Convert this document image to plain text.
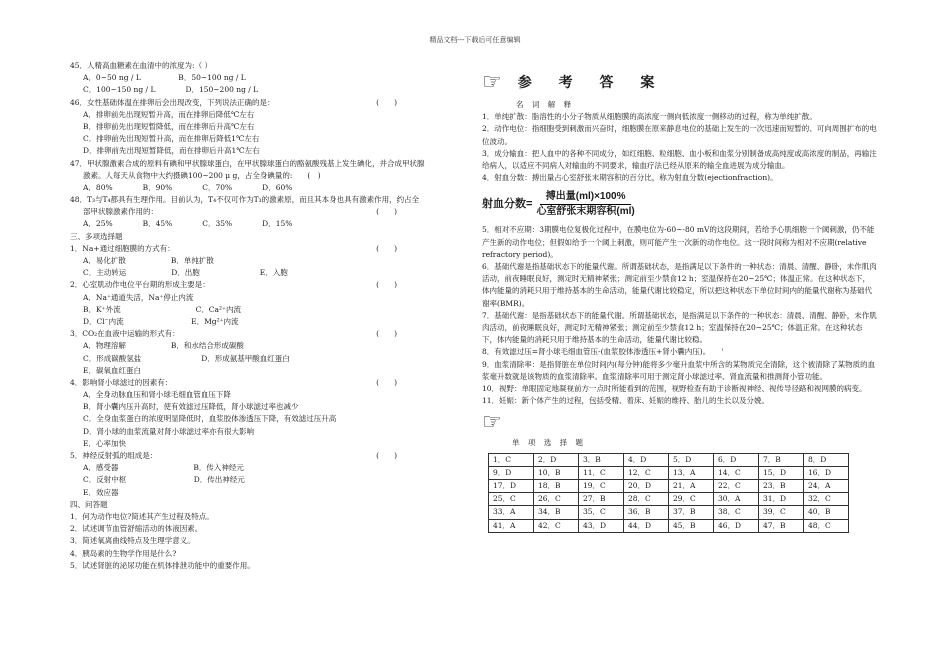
精品文档---下载后可任意编辑
45．人精高血糖素在血清中的浓度为:（ ）
A．0~50 ng / L　　　　　B．50~100 ng / L
C．100~150 ng / L　　　　D．150~200 ng / L
46．女性基础体温在排卵后会出现改变，下列说法正确的是：	(　　)
A．排卵前先出现短暂升高，而在排卵后降低℃左右
B．排卵前先出现短暂降低，而在排卵后升高℃左右
C．排卵前先出现短暂升高，而在排卵后降低1℃左右
D．排卵前先出现短暂降低，而在排卵后升高1℃左右
47．甲状腺激素合成的原料有碘和甲状腺球蛋白，在甲状腺球蛋白的酪氨酸残基上发生碘化，并合成甲状腺
激素。人每天从食物中大约摄碘100~200 μ g，占全身碘量的:　　(　)
A．80%　　　　B．90%　　　　C．70%　　　　D．60%
48．T₃与T₄都具有生理作用。目前认为，T₄不仅可作为T₃的激素原，而且其本身也具有激素作用，约占全
部甲状腺激素作用的：	(　　)
A．25%　　　　B．45%　　　　C．35%　　　　D．15%
三、多项选择题
1．Na+通过细胞膜的方式有：	(　　)
A．易化扩散　　　　　　B．单纯扩散
C．主动转运　　　　　　D．出胞　　　　　　　　E．入胞
2．心室肌动作电位平台期的形成主要是：	(　　)
A．Na⁺通道失活，Na⁺停止内流
B．K⁺外流　　　　　　　　　　C．Ca²⁺内流
D．Cl⁻内流　　　　　　　　　E．Mg²⁺内流
3．CO₂在血液中运输的形式有：	(　　)
A．物理溶解　　　　　　B．和水结合形成碳酸
C．形成碳酸氢盐　　　　　　　　D．形成氨基甲酸血红蛋白
E．碳氧血红蛋白
4．影响肾小球滤过的因素有：	(　　)
A．全身动脉血压和肾小球毛细血管血压下降
B．肾小囊内压升高时，使有效滤过压降低，肾小球滤过率也减少
C．全身血浆蛋白的浓度明显降低时，血浆胶体渗透压下降，有效滤过压升高
D．肾小球的血浆流量对肾小球滤过率亦有很大影响
E．心率加快
5．神经反射弧的组成是：	(　　)
A．感受器　　　　　　　　　　B．传入神经元
C．反射中枢　　　　　　　　　D．传出神经元
E．效应器
四、问答题
1．何为动作电位?简述其产生过程及特点。
2．试述调节血管舒缩活动的体液因素。
3．简述氧离曲线特点及生理学意义。
4．胰岛素的生物学作用是什么?
5．试述肾脏的泌尿功能在机体排泄功能中的重要作用。
☞ 参 考 答 案
名 词 解 释

1．单纯扩散：脂溶性的小分子物质从细胞膜的高浓度一侧向低浓度一侧移动的过程，称为单纯扩散。

2．动作电位：指细胞受到刺激而兴奋时，细胞膜在原来静息电位的基础上发生的一次迅速而短暂的、可向周围扩布的电位波动。

3．成分输血：把人血中的各种不同成分，如红细胞、粒细胞、血小板和血浆分别制备成高纯度或高浓度的制品，再输注给病人，以适应不同病人对输血的不同要求，输血疗法已经从原来的输全血进展为成分输血。

4．射血分数：搏出量占心室舒张末期容积的百分比，称为射血分数(ejectionfraction)。

射血分数= $\frac{\text{搏出量(ml)×100\%}}{\text{心室舒张末期容积(ml)}}$

5．相对不应期：3期膜电位复极化过程中，在膜电位为-60~-80 mV的这段期间，若给予心肌细胞一个阈刺激，仍不能产生新的动作电位；但假如给予一个阈上刺激，则可能产生一次新的动作电位。这一段时间称为相对不应期(relative refractory period)。

6．基础代谢是指基础状态下的能量代谢。所谓基础状态，是指满足以下条件的一种状态：清晨、清醒、静卧，未作肌肉活动，前夜睡眠良好，测定时无精神紧张；测定前至少禁食12 h；室温保持在20~25℃；体温正常。在这种状态下，体内能量的消耗只用于维持基本的生命活动，能量代谢比较稳定，所以把这种状态下单位时间内的能量代谢称为基础代谢率(BMR)。

7．基础代谢：是指基础状态下的能量代谢。所谓基础状态，是指满足以下条件的一种状态：清晨、清醒、静卧，未作肌肉活动，前夜睡眠良好，测定时无精神紧张；测定前至少禁食12 h；室温保持在20~25℃；体温正常。在这种状态下，体内能量的消耗只用于维持基本的生命活动，能量代谢比较稳。

8．有效滤过压=肾小球毛细血管压-(血浆胶体渗透压+肾小囊内压)。　　'

9．血浆清除率：是指肾脏在单位时间内(每分钟)能将多少毫升血浆中所含的某物质完全清除，这个被清除了某物质的血浆毫升数就是该物质的血浆清除率。血浆清除率可用于测定肾小球滤过率、肾血流量和推测肾小管功能。

10．视野：单眼固定地凝视前方一点时所能看到的范围，视野检查有助于诊断视神经、视传导径路和视网膜的病变。

11．妊娠：新个体产生的过程，包括受精、着床、妊娠的维持、胎儿的生长以及分娩。

☞
单 项 选 择 题
1．C	2．D	3．B	4．D	5．D	6．D	7．B	8．D
9．D	10．B	11．C	12．C	13．A	14．C	15．D	16．D
17．D	18．B	19．C	20．D	21．A	22．C	23．B	24．A
25．C	26．C	27．B	28．C	29．C	30．A	31．D	32．C
33．A	34．B	35．C	36．B	37．B	38．C	39．C	40．B
41．A	42．C	43．D	44．D	45．B	46．D	47．B	48．C
